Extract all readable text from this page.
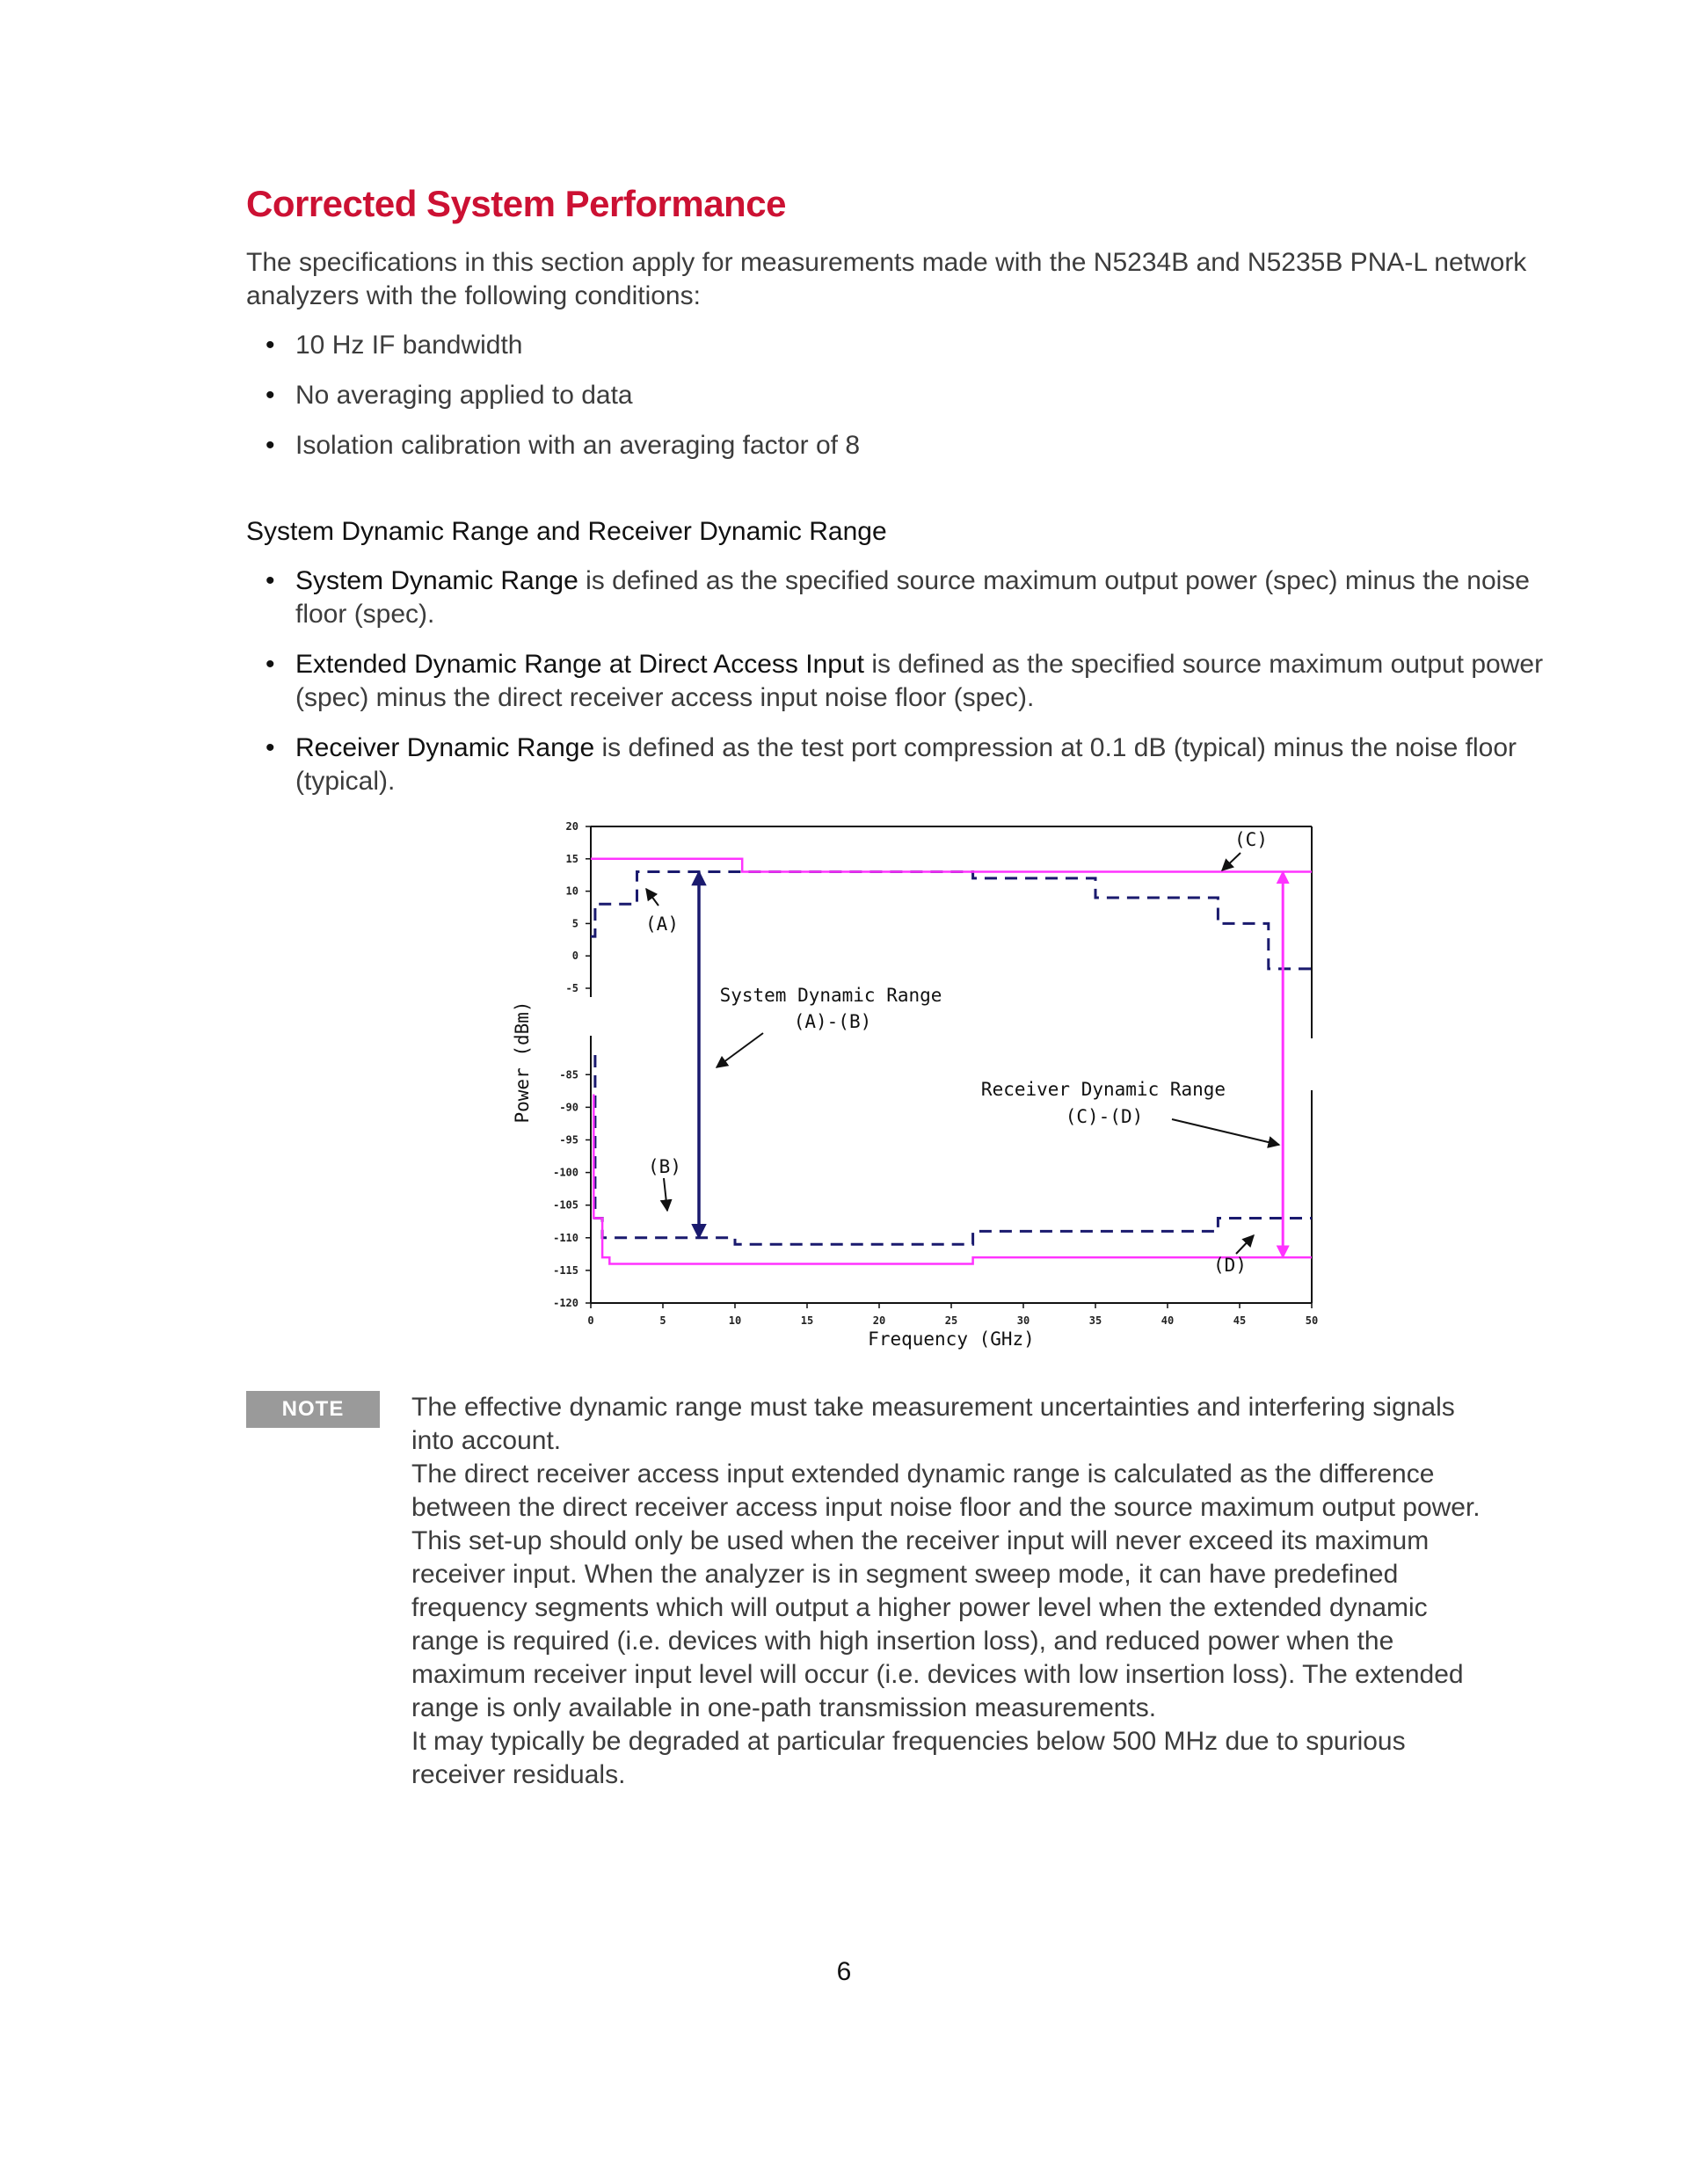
Corrected System Performance

The specifications in this section apply for measurements made with the N5234B and N5235B PNA-L network analyzers with the following conditions:

• 10 Hz IF bandwidth
• No averaging applied to data
• Isolation calibration with an averaging factor of 8
System Dynamic Range and Receiver Dynamic Range
• System Dynamic Range is defined as the specified source maximum output power (spec) minus the noise floor (spec).
• Extended Dynamic Range at Direct Access Input is defined as the specified source maximum output power (spec) minus the direct receiver access input noise floor (spec).
• Receiver Dynamic Range is defined as the test port compression at 0.1 dB (typical) minus the noise floor (typical).
20
15
10
5
0
-5
-85
-90
-95
-100
-105
-110
-115
-120
0	5	10	15	20	25	30	35	40	45	50
Frequency (GHz)
Power (dBm)
System Dynamic Range
(A)-(B)
Receiver Dynamic Range
(C)-(D)
(A)
(B)
(C)
(D)
NOTE	The effective dynamic range must take measurement uncertainties and interfering signals into account.

The direct receiver access input extended dynamic range is calculated as the difference between the direct receiver access input noise floor and the source maximum output power. This set-up should only be used when the receiver input will never exceed its maximum receiver input. When the analyzer is in segment sweep mode, it can have predefined frequency segments which will output a higher power level when the extended dynamic range is required (i.e. devices with high insertion loss), and reduced power when the maximum receiver input level will occur (i.e. devices with low insertion loss). The extended range is only available in one-path transmission measurements.

It may typically be degraded at particular frequencies below 500 MHz due to spurious receiver residuals.

6
